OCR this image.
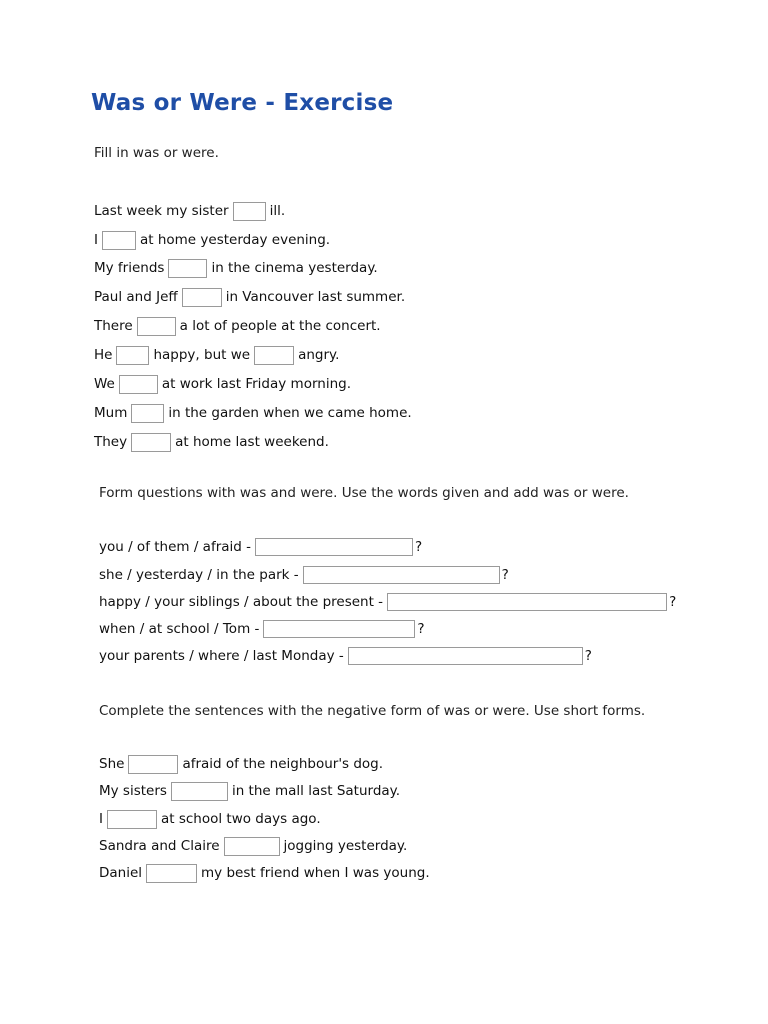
Was or Were - Exercise
Fill in was or were.
Last week my sister	ill.
I	at home yesterday evening.
My friends	in the cinema yesterday.
Paul and Jeff	in Vancouver last summer.
There	a lot of people at the concert.
He	happy, but we	angry.
We	at work last Friday morning.
Mum	in the garden when we came home.
They	at home last weekend.
Form questions with was and were. Use the words given and add was or were.
you / of them / afraid -	?
she / yesterday / in the park -	?
happy / your siblings / about the present -	?
when / at school / Tom -	?
your parents / where / last Monday -	?
Complete the sentences with the negative form of was or were. Use short forms.
She	afraid of the neighbour's dog.
My sisters	in the mall last Saturday.
I	at school two days ago.
Sandra and Claire	jogging yesterday.
Daniel	my best friend when I was young.
